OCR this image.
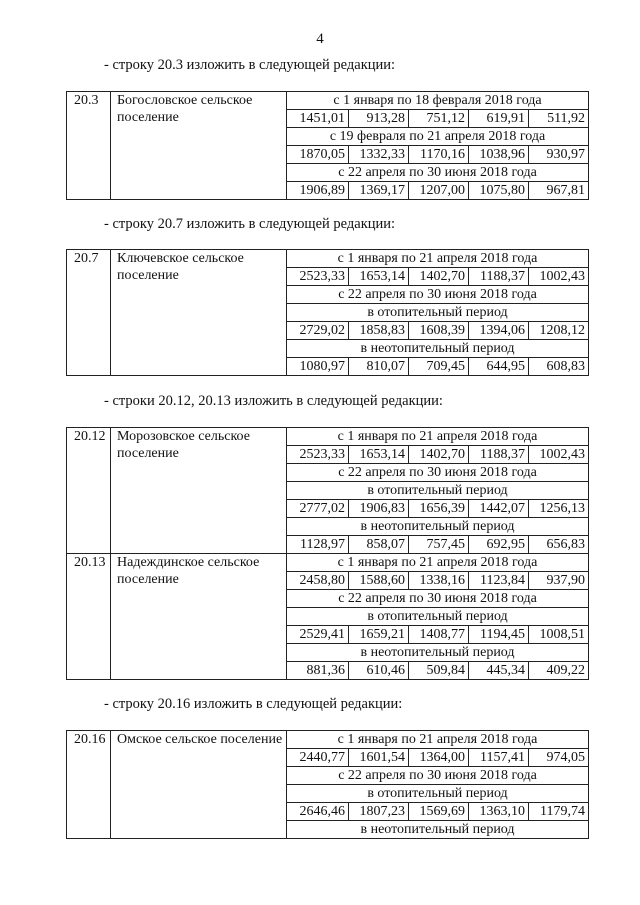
4
- строку 20.3 изложить в следующей редакции:
20.3	Богословское сельское поселение	с 1 января по 18 февраля 2018 года				
		1451,01	913,28	751,12	619,91	511,92
		с 19 февраля по 21 апреля 2018 года				
		1870,05	1332,33	1170,16	1038,96	930,97
		с 22 апреля по 30 июня 2018 года				
		1906,89	1369,17	1207,00	1075,80	967,81
- строку 20.7 изложить в следующей редакции:
20.7	Ключевское сельское поселение	с 1 января по 21 апреля 2018 года				
		2523,33	1653,14	1402,70	1188,37	1002,43
		с 22 апреля по 30 июня 2018 года				
		в отопительный период				
		2729,02	1858,83	1608,39	1394,06	1208,12
		в неотопительный период				
		1080,97	810,07	709,45	644,95	608,83
- строки 20.12, 20.13 изложить в следующей редакции:
20.12	Морозовское сельское поселение	с 1 января по 21 апреля 2018 года				
		2523,33	1653,14	1402,70	1188,37	1002,43
		с 22 апреля по 30 июня 2018 года				
		в отопительный период				
		2777,02	1906,83	1656,39	1442,07	1256,13
		в неотопительный период				
		1128,97	858,07	757,45	692,95	656,83
20.13	Надеждинское сельское поселение	с 1 января по 21 апреля 2018 года				
		2458,80	1588,60	1338,16	1123,84	937,90
		с 22 апреля по 30 июня 2018 года				
		в отопительный период				
		2529,41	1659,21	1408,77	1194,45	1008,51
		в неотопительный период				
		881,36	610,46	509,84	445,34	409,22
- строку 20.16 изложить в следующей редакции:
20.16	Омское сельское поселение	с 1 января по 21 апреля 2018 года				
		2440,77	1601,54	1364,00	1157,41	974,05
		с 22 апреля по 30 июня 2018 года				
		в отопительный период				
		2646,46	1807,23	1569,69	1363,10	1179,74
		в неотопительный период				
